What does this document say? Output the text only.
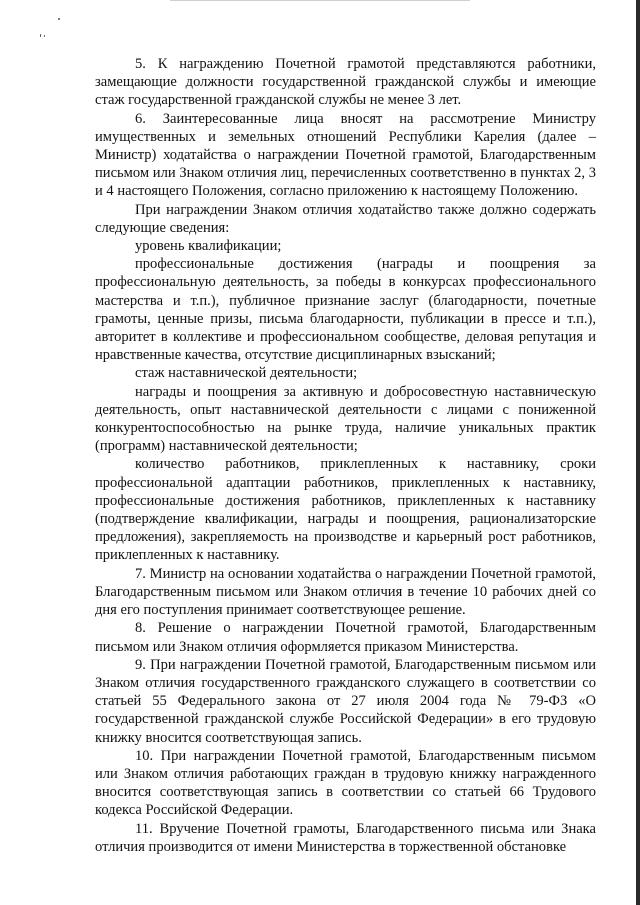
5. К награждению Почетной грамотой представляются работники, замещающие должности государственной гражданской службы и имеющие стаж государственной гражданской службы не менее 3 лет.

6. Заинтересованные лица вносят на рассмотрение Министру имущественных и земельных отношений Республики Карелия (далее – Министр) ходатайства о награждении Почетной грамотой, Благодарственным письмом или Знаком отличия лиц, перечисленных соответственно в пунктах 2, 3 и 4 настоящего Положения, согласно приложению к настоящему Положению.

При награждении Знаком отличия ходатайство также должно содержать следующие сведения:

уровень квалификации;

профессиональные достижения (награды и поощрения за профессиональную деятельность, за победы в конкурсах профессионального мастерства и т.п.), публичное признание заслуг (благодарности, почетные грамоты, ценные призы, письма благодарности, публикации в прессе и т.п.), авторитет в коллективе и профессиональном сообществе, деловая репутация и нравственные качества, отсутствие дисциплинарных взысканий;

стаж наставнической деятельности;

награды и поощрения за активную и добросовестную наставническую деятельность, опыт наставнической деятельности с лицами с пониженной конкурентоспособностью на рынке труда, наличие уникальных практик (программ) наставнической деятельности;

количество работников, приклепленных к наставнику, сроки профессиональной адаптации работников, приклепленных к наставнику, профессиональные достижения работников, приклепленных к наставнику (подтверждение квалификации, награды и поощрения, рационализаторские предложения), закрепляемость на производстве и карьерный рост работников, приклепленных к наставнику.

7. Министр на основании ходатайства о награждении Почетной грамотой, Благодарственным письмом или Знаком отличия в течение 10 рабочих дней со дня его поступления принимает соответствующее решение.

8. Решение о награждении Почетной грамотой, Благодарственным письмом или Знаком отличия оформляется приказом Министерства.

9. При награждении Почетной грамотой, Благодарственным письмом или Знаком отличия государственного гражданского служащего в соответствии со статьей 55 Федерального закона от 27 июля 2004 года № 79-ФЗ «О государственной гражданской службе Российской Федерации» в его трудовую книжку вносится соответствующая запись.

10. При награждении Почетной грамотой, Благодарственным письмом или Знаком отличия работающих граждан в трудовую книжку награжденного вносится соответствующая запись в соответствии со статьей 66 Трудового кодекса Российской Федерации.

11. Вручение Почетной грамоты, Благодарственного письма или Знака отличия производится от имени Министерства в торжественной обстановке
